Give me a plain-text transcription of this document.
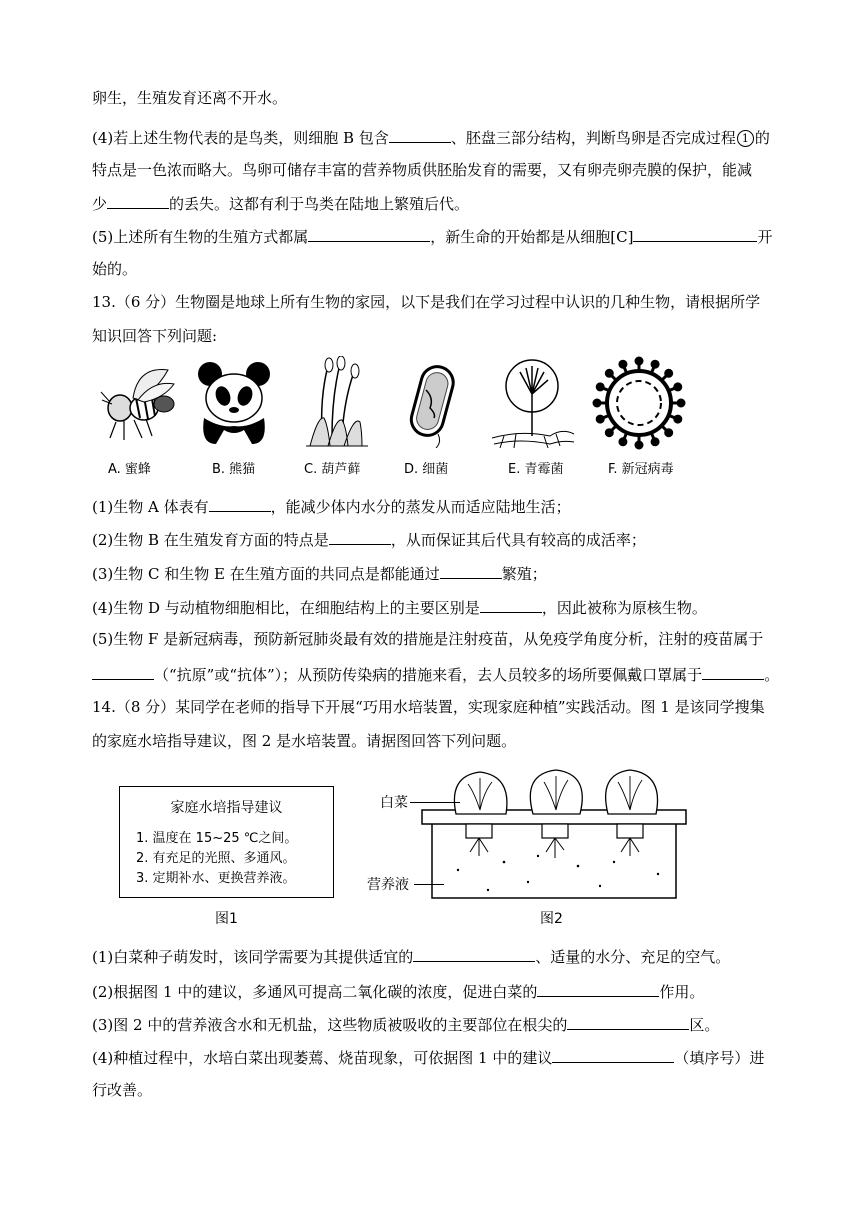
卵生，生殖发育还离不开水。
(4)若上述生物代表的是鸟类，则细胞 B 包含	、胚盘三部分结构，判断鸟卵是否完成过程 1 的
特点是一色浓而略大。鸟卵可储存丰富的营养物质供胚胎发育的需要，又有卵壳卵壳膜的保护，能减
少	的丢失。这都有利于鸟类在陆地上繁殖后代。
(5)上述所有生物的生殖方式都属	，新生命的开始都是从细胞[C]	开
始的。
13.（6 分）生物圈是地球上所有生物的家园，以下是我们在学习过程中认识的几种生物，请根据所学
知识回答下列问题:
A. 蜜蜂	B. 熊猫	C. 葫芦藓	D. 细菌	E. 青霉菌	F. 新冠病毒
(1)生物 A 体表有	，能减少体内水分的蒸发从而适应陆地生活；
(2)生物 B 在生殖发育方面的特点是	，从而保证其后代具有较高的成活率；
(3)生物 C 和生物 E 在生殖方面的共同点是都能通过	繁殖；
(4)生物 D 与动植物细胞相比，在细胞结构上的主要区别是	，因此被称为原核生物。
(5)生物 F 是新冠病毒，预防新冠肺炎最有效的措施是注射疫苗，从免疫学角度分析，注射的疫苗属于
（“抗原”或“抗体”）；从预防传染病的措施来看，去人员较多的场所要佩戴口罩属于	。
14.（8 分）某同学在老师的指导下开展“巧用水培装置，实现家庭种植”实践活动。图 1 是该同学搜集
的家庭水培指导建议，图 2 是水培装置。请据图回答下列问题。
家庭水培指导建议
1. 温度在 15~25 ℃之间。
2. 有充足的光照、多通风。
3. 定期补水、更换营养液。
图1
白菜
营养液
图2
(1)白菜种子萌发时，该同学需要为其提供适宜的	、适量的水分、充足的空气。
(2)根据图 1 中的建议，多通风可提高二氧化碳的浓度，促进白菜的	作用。
(3)图 2 中的营养液含水和无机盐，这些物质被吸收的主要部位在根尖的	区。
(4)种植过程中，水培白菜出现萎蔫、烧苗现象，可依据图 1 中的建议	（填序号）进
行改善。
